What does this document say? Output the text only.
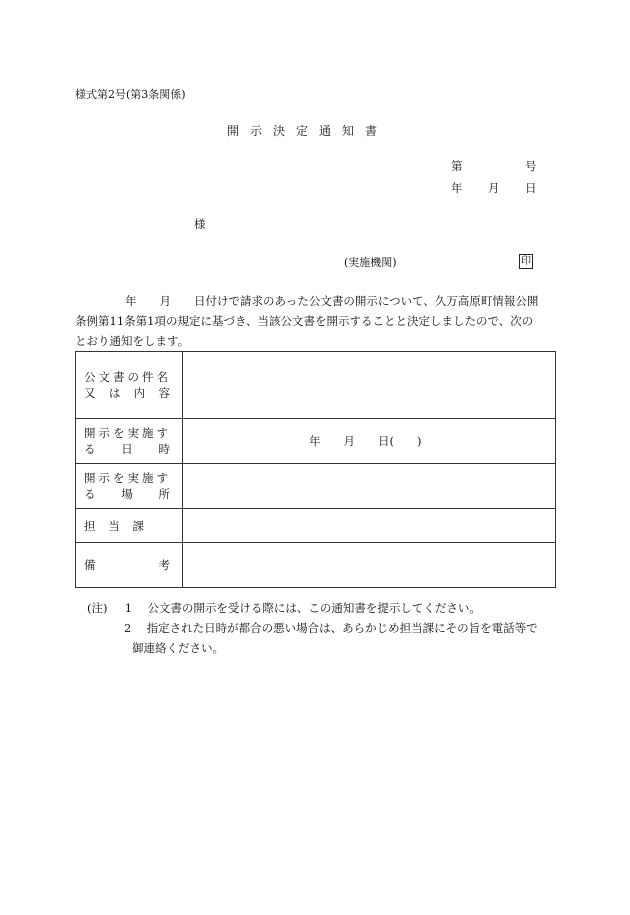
様式第2号(第3条関係)
開示決定通知書
第	号
年 月 日
様
(実施機関)	印
年　　月　　日付けで請求のあった公文書の開示について、久万高原町情報公開
条例第11条第1項の規定に基づき、当該公文書を開示することと決定しましたので、次の
とおり通知をします。
公文書の件名
又 は 内 容	

開示を実施す
る 日 時	年　　月　　日(　　)

開示を実施す
る 場 所	

担 当 課	

備 考	

(注) 1 公文書の開示を受ける際には、この通知書を提示してください。
2 指定された日時が都合の悪い場合は、あらかじめ担当課にその旨を電話等で
御連絡ください。
